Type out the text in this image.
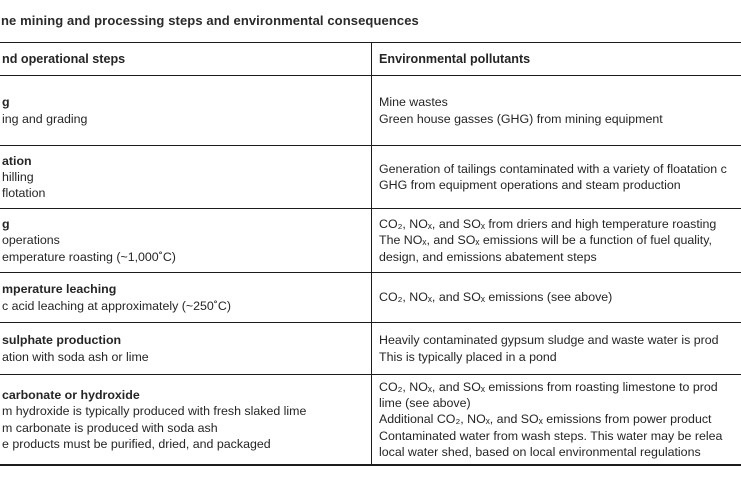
ne mining and processing steps and environmental consequences
nd operational steps	Environmental pollutants
g
ing and grading
Mine wastes
Green house gasses (GHG) from mining equipment
ation
hilling
flotation
Generation of tailings contaminated with a variety of floatation c
GHG from equipment operations and steam production
g
operations
emperature roasting (~1,000˚C)
CO₂, NOₓ, and SOₓ from driers and high temperature roasting
The NOₓ, and SOₓ emissions will be a function of fuel quality,
design, and emissions abatement steps
mperature leaching
c acid leaching at approximately (~250˚C)
CO₂, NOₓ, and SOₓ emissions (see above)
sulphate production
ation with soda ash or lime
Heavily contaminated gypsum sludge and waste water is prod
This is typically placed in a pond
carbonate or hydroxide
m hydroxide is typically produced with fresh slaked lime
m carbonate is produced with soda ash
e products must be purified, dried, and packaged
CO₂, NOₓ, and SOₓ emissions from roasting limestone to prod
lime (see above)
Additional CO₂, NOₓ, and SOₓ emissions from power product
Contaminated water from wash steps. This water may be relea
local water shed, based on local environmental regulations
